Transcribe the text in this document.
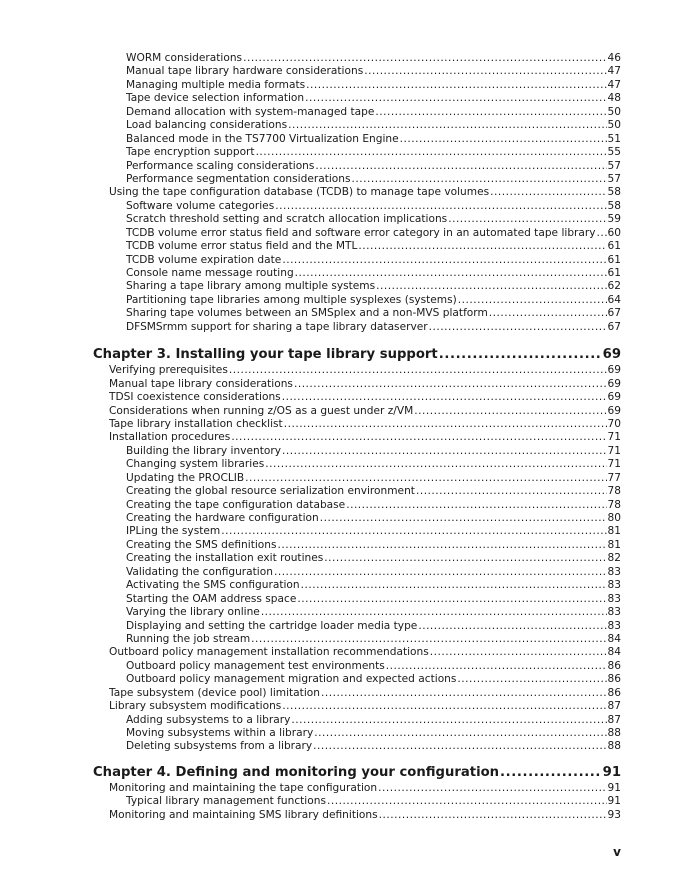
WORM considerations .....	46
Manual tape library hardware considerations .....	47
Managing multiple media formats .....	47
Tape device selection information .....	48
Demand allocation with system-managed tape .....	50
Load balancing considerations .....	50
Balanced mode in the TS7700 Virtualization Engine .....	51
Tape encryption support .....	55
Performance scaling considerations .....	57
Performance segmentation considerations .....	57
Using the tape configuration database (TCDB) to manage tape volumes .....	58
Software volume categories .....	58
Scratch threshold setting and scratch allocation implications .....	59
TCDB volume error status field and software error category in an automated tape library ..... 60
TCDB volume error status field and the MTL .....	61
TCDB volume expiration date .....	61
Console name message routing .....	61
Sharing a tape library among multiple systems .....	62
Partitioning tape libraries among multiple sysplexes (systems) .....	64
Sharing tape volumes between an SMSplex and a non-MVS platform .....	67
DFSMSrmm support for sharing a tape library dataserver .....	67
Chapter 3. Installing your tape library support .....	69
Verifying prerequisites .....	69
Manual tape library considerations .....	69
TDSI coexistence considerations .....	69
Considerations when running z/OS as a guest under z/VM .....	69
Tape library installation checklist .....	70
Installation procedures .....	71
Building the library inventory .....	71
Changing system libraries .....	71
Updating the PROCLIB .....	77
Creating the global resource serialization environment .....	78
Creating the tape configuration database .....	78
Creating the hardware configuration .....	80
IPLing the system .....	81
Creating the SMS definitions .....	81
Creating the installation exit routines .....	82
Validating the configuration .....	83
Activating the SMS configuration .....	83
Starting the OAM address space .....	83
Varying the library online .....	83
Displaying and setting the cartridge loader media type .....	83
Running the job stream .....	84
Outboard policy management installation recommendations .....	84
Outboard policy management test environments .....	86
Outboard policy management migration and expected actions .....	86
Tape subsystem (device pool) limitation .....	86
Library subsystem modifications .....	87
Adding subsystems to a library .....	87
Moving subsystems within a library .....	88
Deleting subsystems from a library .....	88
Chapter 4. Defining and monitoring your configuration .....	91
Monitoring and maintaining the tape configuration .....	91
Typical library management functions .....	91
Monitoring and maintaining SMS library definitions .....	93
v
